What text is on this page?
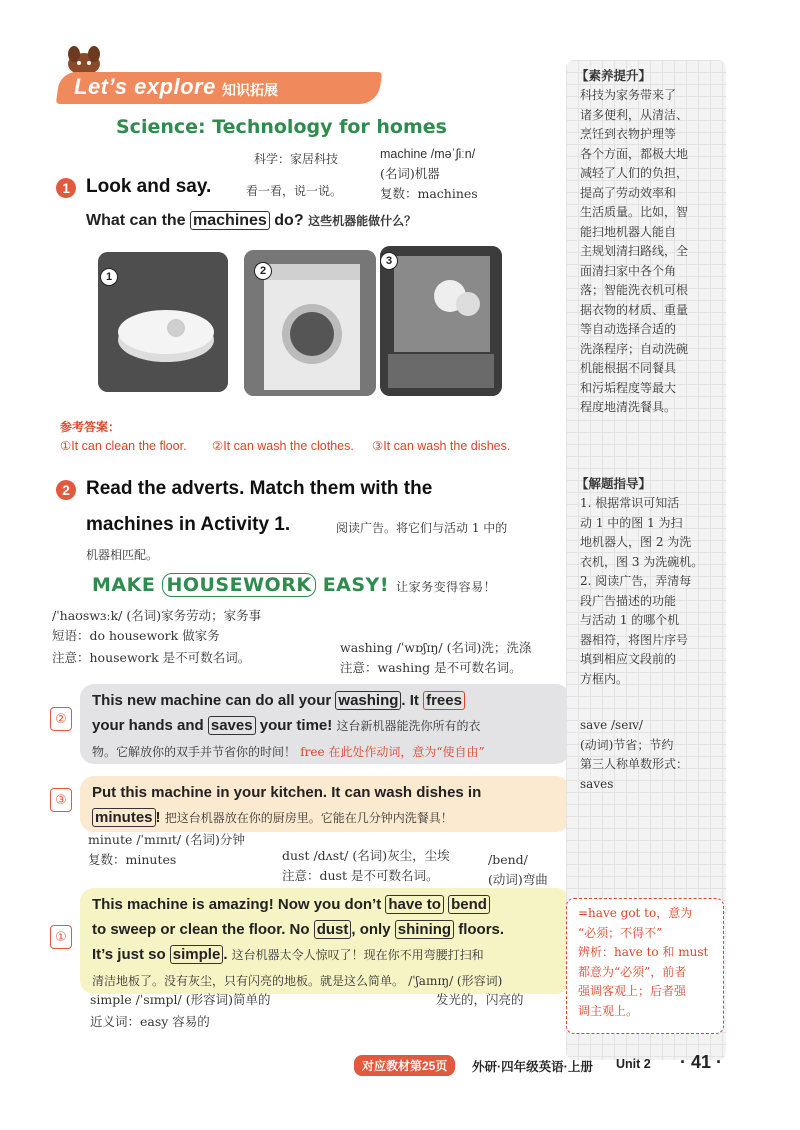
Let’s explore 知识拓展
Science: Technology for homes
科学：家居科技	machine /məˈʃiːn/
(名词)机器
复数：machines
1 Look and say.	看一看，说一说。
What can the machines do? 这些机器能做什么？
1	2
3
参考答案：
①It can clean the floor. ②It can wash the clothes. ③It can wash the dishes.
2 Read the adverts. Match them with the
machines in Activity 1.	阅读广告。将它们与活动 1 中的
机器相匹配。
MAKE HOUSEWORK EASY! 让家务变得容易！
/ˈhaʊswɜːk/ (名词)家务劳动；家务事
短语：do housework 做家务
注意：housework 是不可数名词。
washing /ˈwɒʃɪŋ/ (名词)洗；洗涤
注意：washing 是不可数名词。
②
This new machine can do all your washing . It frees
your hands and saves your time! 这台新机器能洗你所有的衣
物。它解放你的双手并节省你的时间！ free 在此处作动词，意为“使自由”
③	Put this machine in your kitchen. It can wash dishes in
minutes ! 把这台机器放在你的厨房里。它能在几分钟内洗餐具！
minute /ˈmɪnɪt/ (名词)分钟
复数：minutes	dust /dʌst/ (名词)灰尘，尘埃
注意：dust 是不可数名词。
/bend/
(动词)弯曲
①
This machine is amazing! Now you don’t have to bend
to sweep or clean the floor. No dust , only shining floors.
It’s just so simple . 这台机器太令人惊叹了！现在你不用弯腰打扫和
清洁地板了。没有灰尘，只有闪亮的地板。就是这么简单。 /ˈʃaɪnɪŋ/ (形容词)
simple /ˈsɪmpl/ (形容词)简单的
近义词：easy 容易的
发光的，闪亮的
【素养提升】
科技为家务带来了
诸多便利，从清洁、
烹饪到衣物护理等
各个方面，都极大地
减轻了人们的负担，
提高了劳动效率和
生活质量。比如，智
能扫地机器人能自
主规划清扫路线，全
面清扫家中各个角
落；智能洗衣机可根
据衣物的材质、重量
等自动选择合适的
洗涤程序；自动洗碗
机能根据不同餐具
和污垢程度等最大
程度地清洗餐具。
【解题指导】
1. 根据常识可知活
动 1 中的图 1 为扫
地机器人，图 2 为洗
衣机，图 3 为洗碗机。
2. 阅读广告，弄清每
段广告描述的功能
与活动 1 的哪个机
器相符，将图片序号
填到相应文段前的
方框内。
save /seɪv/
(动词)节省；节约
第三人称单数形式：
saves
=have got to，意为
“必须；不得不”
辨析：have to 和 must
都意为“必须”，前者
强调客观上；后者强
调主观上。
对应教材第25页	外研·四年级英语·上册 Unit 2 · 41 ·
